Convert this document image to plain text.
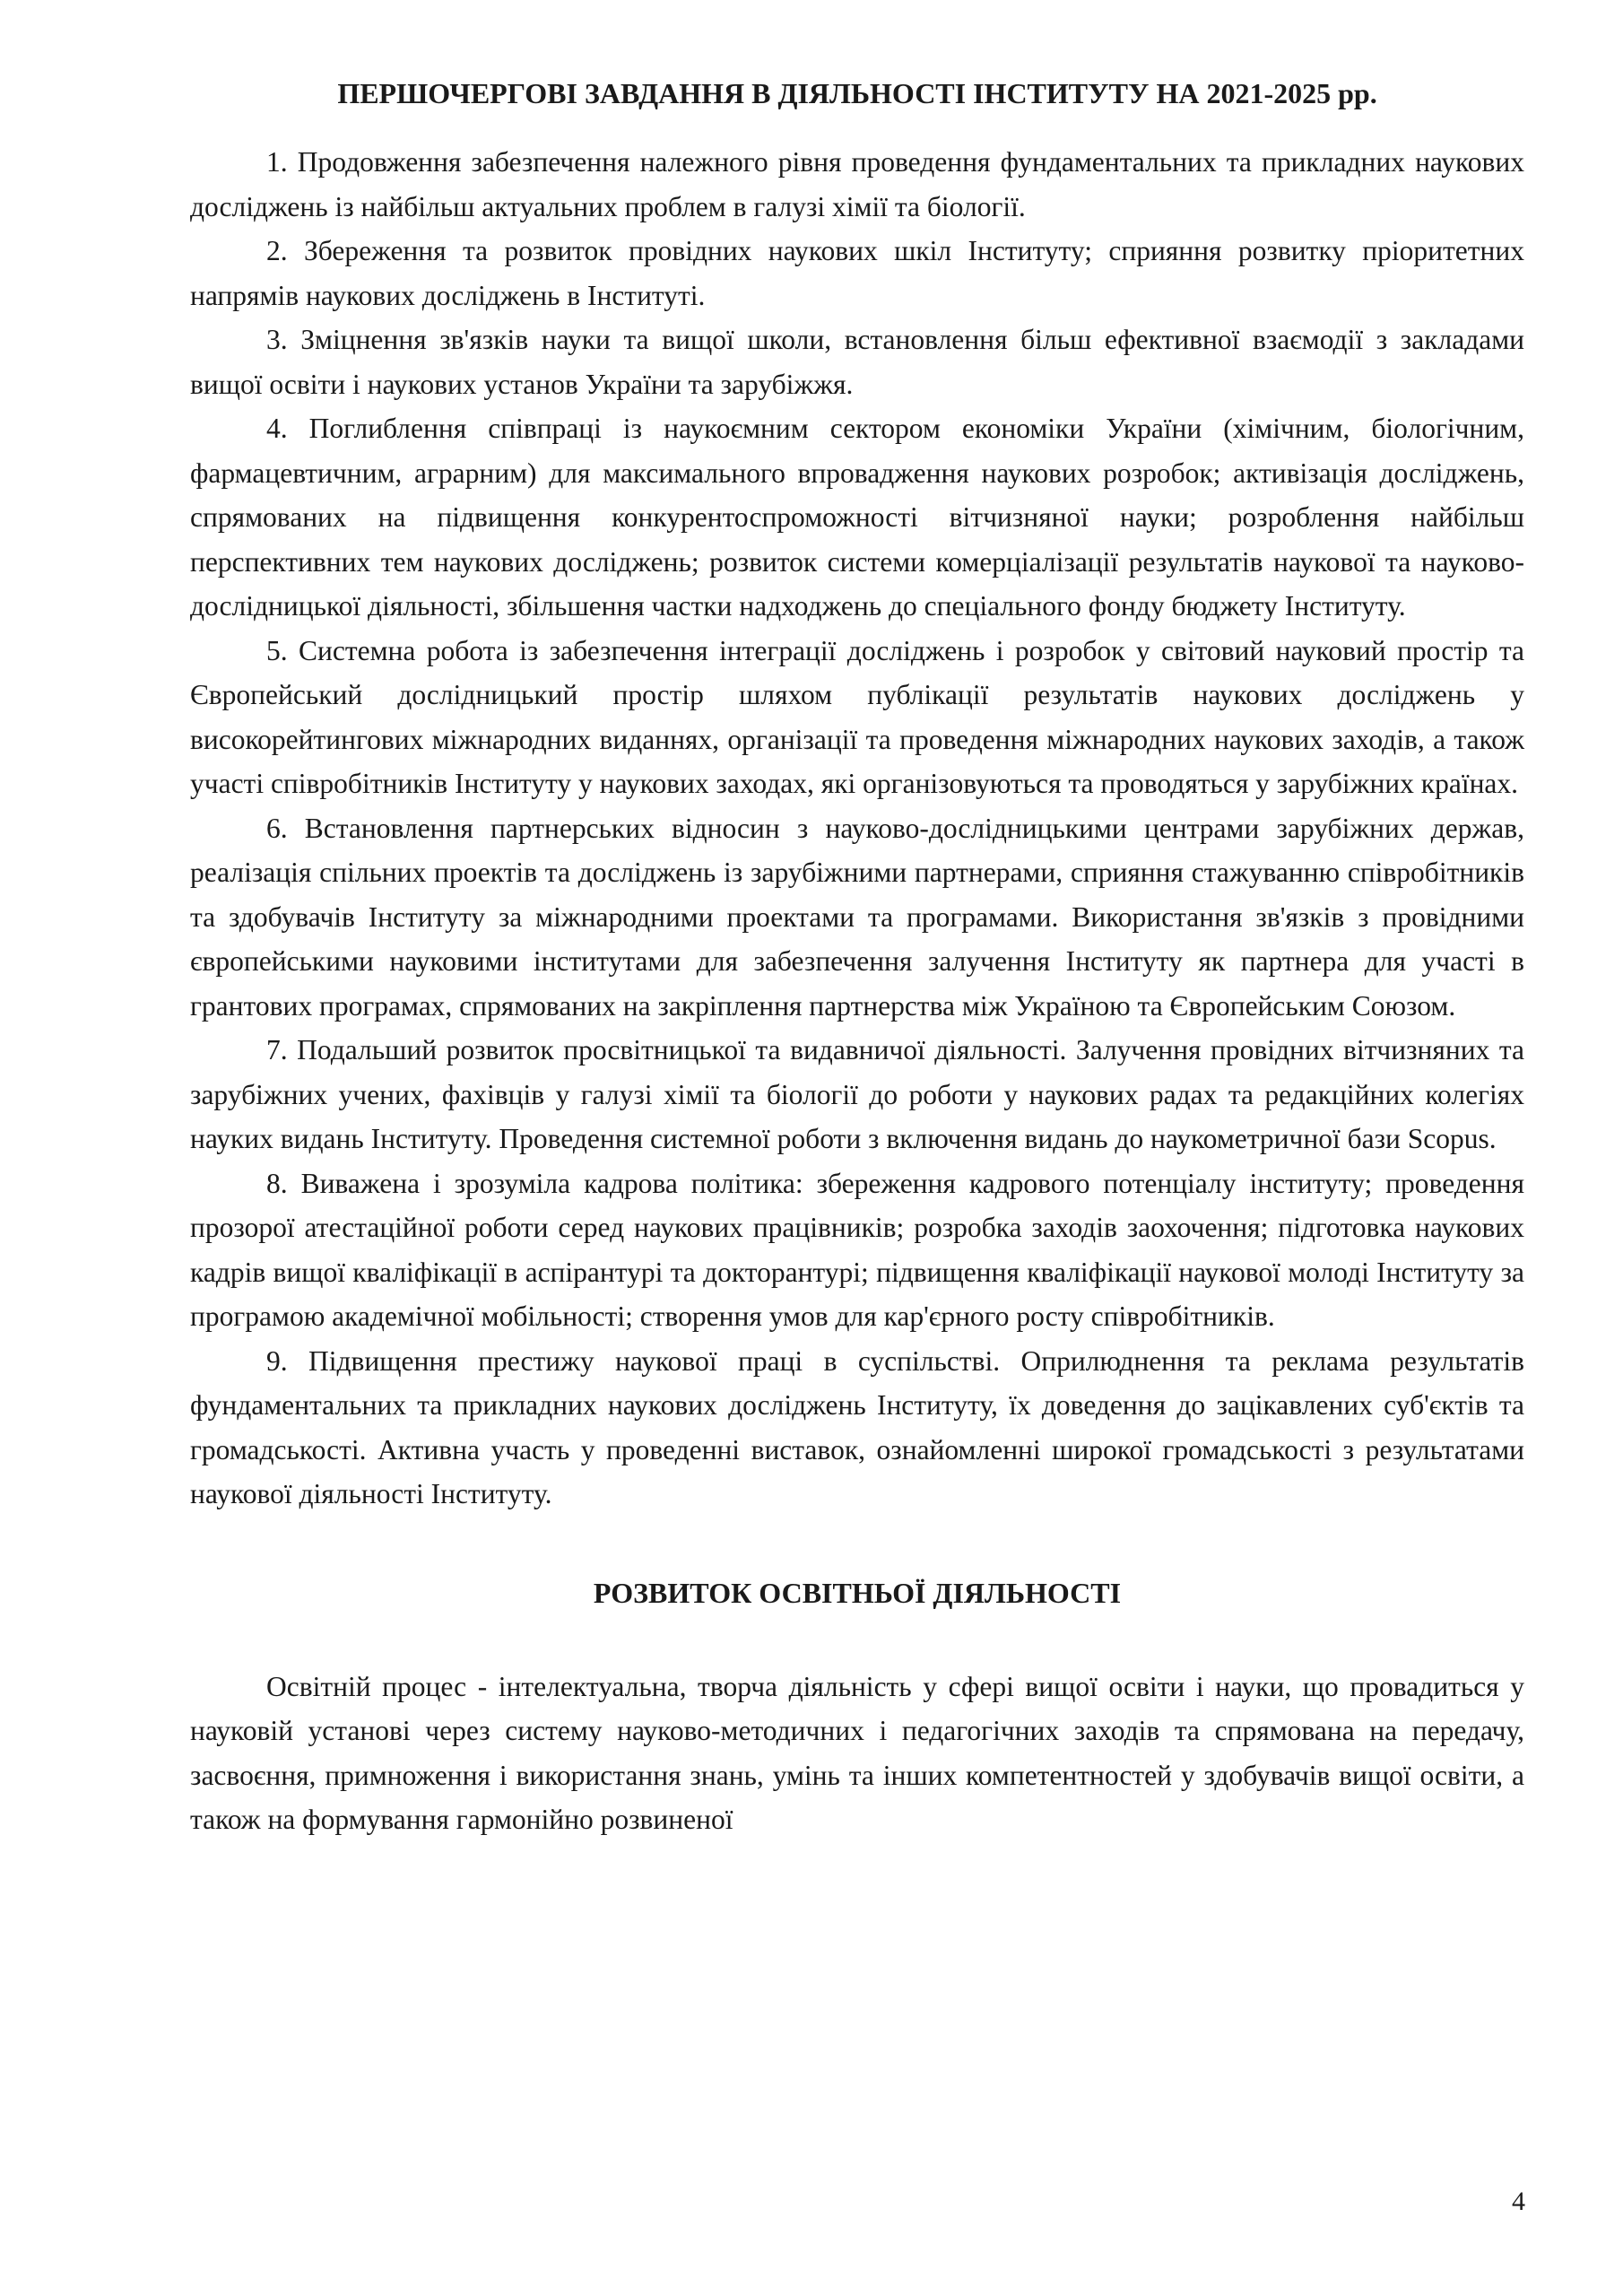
ПЕРШОЧЕРГОВІ ЗАВДАННЯ В ДІЯЛЬНОСТІ ІНСТИТУТУ НА 2021-2025 рр.

1. Продовження забезпечення належного рівня проведення фундаментальних та прикладних наукових досліджень із найбільш актуальних проблем в галузі хімії та біології.

2. Збереження та розвиток провідних наукових шкіл Інституту; сприяння розвитку пріоритетних напрямів наукових досліджень в Інституті.

3. Зміцнення зв'язків науки та вищої школи, встановлення більш ефективної взаємодії з закладами вищої освіти і наукових установ України та зарубіжжя.

4. Поглиблення співпраці із наукоємним сектором економіки України (хімічним, біологічним, фармацевтичним, аграрним) для максимального впровадження наукових розробок; активізація досліджень, спрямованих на підвищення конкурентоспроможності вітчизняної науки; розроблення найбільш перспективних тем наукових досліджень; розвиток системи комерціалізації результатів наукової та науково-дослідницької діяльності, збільшення частки надходжень до спеціального фонду бюджету Інституту.

5. Системна робота із забезпечення інтеграції досліджень і розробок у світовий науковий простір та Європейський дослідницький простір шляхом публікації результатів наукових досліджень у високорейтингових міжнародних виданнях, організації та проведення міжнародних наукових заходів, а також участі співробітників Інституту у наукових заходах, які організовуються та проводяться у зарубіжних країнах.

6. Встановлення партнерських відносин з науково-дослідницькими центрами зарубіжних держав, реалізація спільних проектів та досліджень із зарубіжними партнерами, сприяння стажуванню співробітників та здобувачів Інституту за міжнародними проектами та програмами. Використання зв'язків з провідними європейськими науковими інститутами для забезпечення залучення Інституту як партнера для участі в грантових програмах, спрямованих на закріплення партнерства між Україною та Європейським Союзом.

7. Подальший розвиток просвітницької та видавничої діяльності. Залучення провідних вітчизняних та зарубіжних учених, фахівців у галузі хімії та біології до роботи у наукових радах та редакційних колегіях науких видань Інституту. Проведення системної роботи з включення видань до наукометричної бази Scopus.

8. Виважена і зрозуміла кадрова політика: збереження кадрового потенціалу інституту; проведення прозорої атестаційної роботи серед наукових працівників; розробка заходів заохочення; підготовка наукових кадрів вищої кваліфікації в аспірантурі та докторантурі; підвищення кваліфікації наукової молоді Інституту за програмою академічної мобільності; створення умов для кар'єрного росту співробітників.

9. Підвищення престижу наукової праці в суспільстві. Оприлюднення та реклама результатів фундаментальних та прикладних наукових досліджень Інституту, їх доведення до зацікавлених суб'єктів та громадськості. Активна участь у проведенні виставок, ознайомленні широкої громадськості з результатами наукової діяльності Інституту.

РОЗВИТОК ОСВІТНЬОЇ ДІЯЛЬНОСТІ

Освітній процес - інтелектуальна, творча діяльність у сфері вищої освіти і науки, що провадиться у науковій установі через систему науково-методичних і педагогічних заходів та спрямована на передачу, засвоєння, примноження і використання знань, умінь та інших компетентностей у здобувачів вищої освіти, а також на формування гармонійно розвиненої

4
